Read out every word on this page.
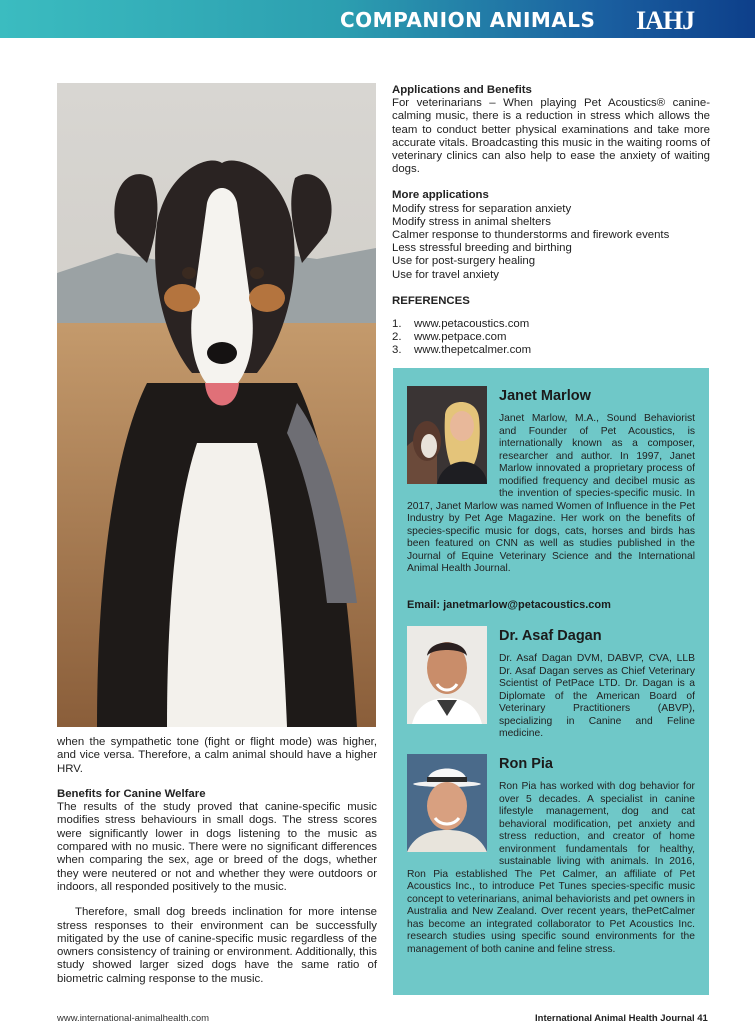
COMPANION ANIMALS IAHJ

when the sympathetic tone (fight or flight mode) was higher, and vice versa. Therefore, a calm animal should have a higher HRV.

Benefits for Canine Welfare

The results of the study proved that canine-specific music modifies stress behaviours in small dogs. The stress scores were significantly lower in dogs listening to the music as compared with no music. There were no significant differences when comparing the sex, age or breed of the dogs, whether they were neutered or not and whether they were outdoors or indoors, all responded positively to the music.

Therefore, small dog breeds inclination for more intense stress responses to their environment can be successfully mitigated by the use of canine-specific music regardless of the owners consistency of training or environment. Additionally, this study showed larger sized dogs have the same ratio of biometric calming response to the music.

Applications and Benefits
For veterinarians – When playing Pet Acoustics® canine-calming music, there is a reduction in stress which allows the team to conduct better physical examinations and take more accurate vitals. Broadcasting this music in the waiting rooms of veterinary clinics can also help to ease the anxiety of waiting dogs.
More applications
Modify stress for separation anxiety
Modify stress in animal shelters
Calmer response to thunderstorms and firework events
Less stressful breeding and birthing
Use for post-surgery healing
Use for travel anxiety
REFERENCES
1.	www.petacoustics.com
2.	www.petpace.com
3.	www.thepetcalmer.com
Janet Marlow
Email: janetmarlow@petacoustics.com
Dr. Asaf Dagan
Dr. Asaf Dagan DVM, DABVP, CVA, LLB Dr. Asaf Dagan serves as Chief Veterinary Scientist of PetPace LTD. Dr. Dagan is a Diplomate of the American Board of Veterinary Practitioners (ABVP), specializing in Canine and Feline medicine.
Ron Pia
Janet Marlow, M.A., Sound Behaviorist and Founder of Pet Acoustics, is internationally known as a composer, researcher and author. In 1997, Janet Marlow innovated a proprietary process of modified frequency and decibel music as the invention of species-specific music. In 2017, Janet Marlow was named Women of Influence in the Pet Industry by Pet Age Magazine. Her work on the benefits of species-specific music for dogs, cats, horses and birds has been featured on CNN as well as studies published in the Journal of Equine Veterinary Science and the International Animal Health Journal.
Ron Pia has worked with dog behavior for over 5 decades. A specialist in canine lifestyle management, dog and cat behavioral modification, pet anxiety and stress reduction, and creator of home environment fundamentals for healthy, sustainable living with animals. In 2016, Ron Pia established The Pet Calmer, an affiliate of Pet Acoustics Inc., to introduce Pet Tunes species-specific music concept to veterinarians, animal behaviorists and pet owners in Australia and New Zealand. Over recent years, thePetCalmer has become an integrated collaborator to Pet Acoustics Inc. research studies using specific sound environments for the management of both canine and feline stress.
www.international-animalhealth.com	International Animal Health Journal 41
